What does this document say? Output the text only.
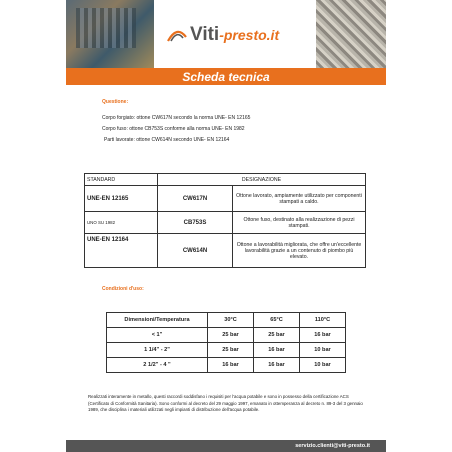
Viti -presto.it
Scheda tecnica
Questione:
Corpo forgiato: ottone CW617N secondo la norma UNE- EN 12165
Corpo fuso: ottone CB753S conforme alla norma UNE- EN 1982
Parti lavorate: ottone CW614N secondo UNE- EN 12164
STANDARD	DESIGNAZIONE	
UNE-EN 12165	CW617N	Ottone lavorato, ampiamente utilizzato per componenti stampati a caldo.
UNO SU 1982	CB753S	Ottone fuso, destinato alla realizzazione di pezzi stampati.
UNE-EN 12164	CW614N	Ottone a lavorabilità migliorata, che offre un'eccellente lavorabilità grazie a un contenuto di piombo più elevato.
Condizioni d'uso:
Dimensioni/Temperatura	30°C	65°C	110°C
< 1"	25 bar	25 bar	16 bar
1 1/4" - 2"	25 bar	16 bar	10 bar
2 1/2" - 4 "	16 bar	16 bar	10 bar
Realizzati interamente in metallo, questi raccordi soddisfano i requisiti per l'acqua potabile e sono in possesso della certificazione ACS (Certificato di Conformità Sanitaria). Sono conformi al decreto del 29 maggio 1997, emanato in ottemperanza al decreto n. 89-3 del 3 gennaio 1989, che disciplina i materiali utilizzati negli impianti di distribuzione dell'acqua potabile.
servizio.clienti@viti-presto.it
